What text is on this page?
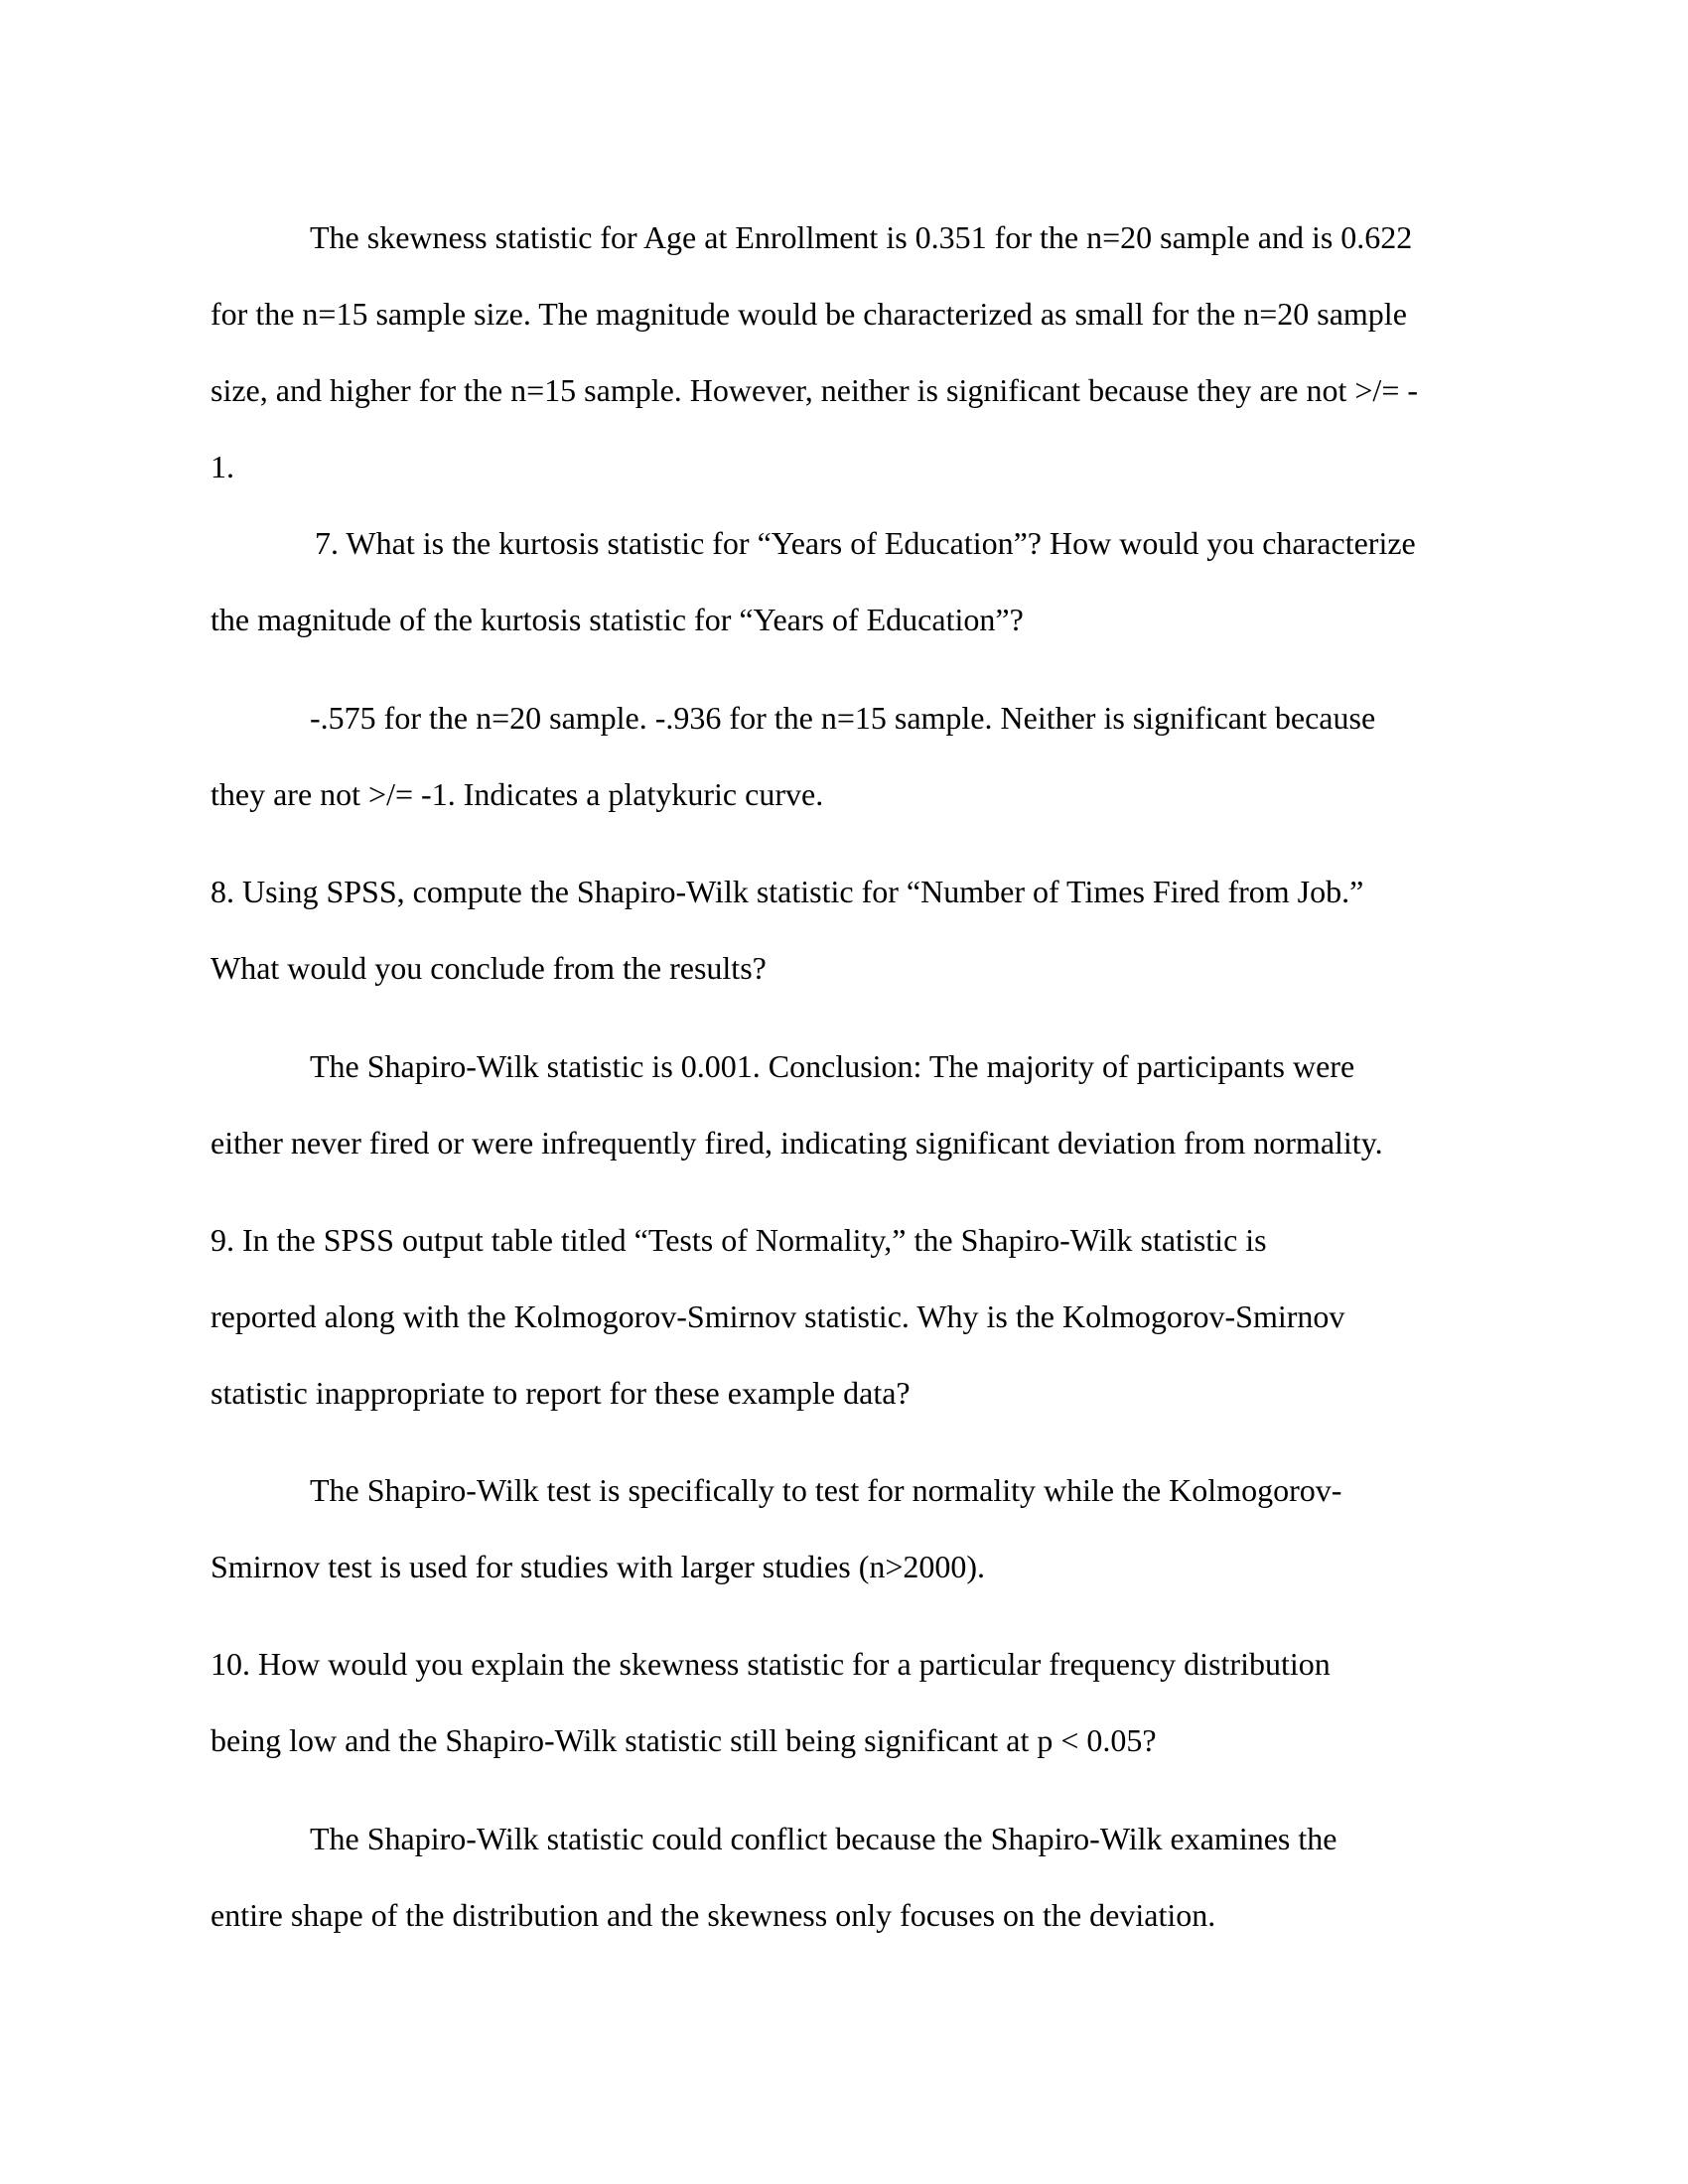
The skewness statistic for Age at Enrollment is 0.351 for the n=20 sample and is 0.622

for the n=15 sample size. The magnitude would be characterized as small for the n=20 sample

size, and higher for the n=15 sample. However, neither is significant because they are not >/= -

1.

7. What is the kurtosis statistic for “Years of Education”? How would you characterize

the magnitude of the kurtosis statistic for “Years of Education”?

-.575 for the n=20 sample. -.936 for the n=15 sample. Neither is significant because

they are not >/= -1. Indicates a platykuric curve.

8. Using SPSS, compute the Shapiro-Wilk statistic for “Number of Times Fired from Job.”

What would you conclude from the results?

The Shapiro-Wilk statistic is 0.001. Conclusion: The majority of participants were

either never fired or were infrequently fired, indicating significant deviation from normality.

9. In the SPSS output table titled “Tests of Normality,” the Shapiro-Wilk statistic is

reported along with the Kolmogorov-Smirnov statistic. Why is the Kolmogorov-Smirnov

statistic inappropriate to report for these example data?

The Shapiro-Wilk test is specifically to test for normality while the Kolmogorov-

Smirnov test is used for studies with larger studies (n>2000).

10. How would you explain the skewness statistic for a particular frequency distribution

being low and the Shapiro-Wilk statistic still being significant at p < 0.05?

The Shapiro-Wilk statistic could conflict because the Shapiro-Wilk examines the

entire shape of the distribution and the skewness only focuses on the deviation.
